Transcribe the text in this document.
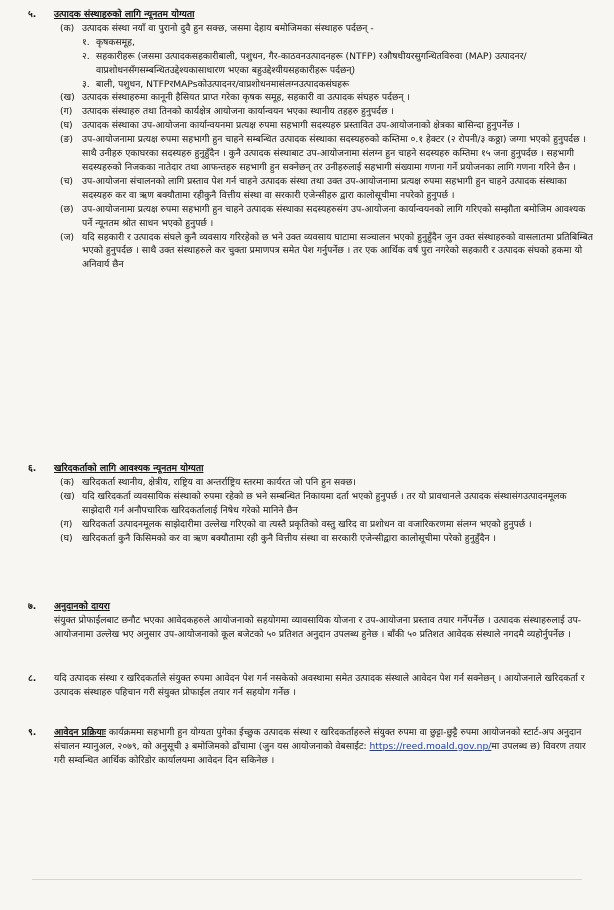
५.	उत्पादक संस्थाहरुको लागि न्यूनतम योग्यता
(क) उत्पादक संस्था नयाँ वा पुरानो दुवै हुन सक्छ, जसमा देहाय बमोजिमका संस्थाहरु पर्दछन् -
१. कृषकसमूह,
२. सहकारीहरू (जसमा उत्पादकसहकारीबाली, पशुधन, गैर-काठवनउत्पादनहरू (NTFP) रऔषधीयरसुगन्धितविरुवा (MAP) उत्पादनर/वाप्रशोधनसँगसम्बन्धितउद्देश्यकासाधारण भएका बहुउद्देश्यीयसहकारीहरू पर्दछन्)
३. बाली, पशुधन, NTFPरMAPsकोउत्पादनर/वाप्रशोधनमासंलग्नउत्पादकसंघहरू
(ख) उत्पादक संस्थाहरुमा कानूनी हैसियत प्राप्त गरेका कृषक समूह, सहकारी वा उत्पादक संघहरु पर्दछन् ।
(ग)	उत्पादक संस्थाहरु तथा तिनको कार्यक्षेत्र आयोजना कार्यान्वयन भएका स्थानीय तहहरु हुनुपर्दछ ।
(घ)	उत्पादक संस्थाका उप-आयोजना कार्यान्वयनमा प्रत्यक्ष रुपमा सहभागी सदस्यहरु प्रस्तावित उप-आयोजनाको क्षेत्रका बासिन्दा हुनुपर्नेछ ।
(ङ) उप-आयोजनामा प्रत्यक्ष रुपमा सहभागी हुन चाहने सम्बन्धित उत्पादक संस्थाका सदस्यहरुको कम्तिमा ०.१ हेक्टर (२ रोपनी/३ कठ्ठा) जग्गा भएको हुनुपर्दछ । साथै उनीहरु एकाघरका सदस्यहरु हुनुहुँदैन । कुनै उत्पादक संस्थाबाट उप-आयोजनामा संलग्न हुन चाहने सदस्यहरु कम्तिमा १५ जना हुनुपर्दछ । सहभागी सदस्यहरुको निजकका नातेदार तथा आफन्तहरु सहभागी हुन सक्नेछन् तर उनीहरुलाई सहभागी संख्यामा गणना गर्ने प्रयोजनका लागि गणना गरिने छैन ।
(च) उप-आयोजना संचालनको लागि प्रस्ताव पेश गर्न चाहने उत्पादक संस्था तथा उक्त उप-आयोजनामा प्रत्यक्ष रुपमा सहभागी हुन चाहने उत्पादक संस्थाका सदस्यहरु कर वा ऋण बक्यौतामा रहीकुनै वित्तीय संस्था वा सरकारी एजेन्सीहरु द्वारा कालोसूचीमा नपरेको हुनुपर्छ ।
(छ) उप-आयोजनामा प्रत्यक्ष रुपमा सहभागी हुन चाहने उत्पादक संस्थाका सदस्यहरुसंग उप-आयोजना कार्यान्वयनको लागि गरिएको सम्झौता बमोजिम आवश्यक पर्ने न्यूनतम श्रोत साधन भएको हुनुपर्छ ।
(ज) यदि सहकारी र उत्पादक संघले कुनै व्यवसाय गरिरहेको छ भने उक्त व्यवसाय घाटामा सञ्चालन भएको हुनुहुँदैन जुन उक्त संस्थाहरुको वासलातमा प्रतिबिम्बित भएको हुनुपर्दछ । साथै उक्त संस्थाहरुले कर चुक्ता प्रमाणपत्र समेत पेश गर्नुपर्नेछ । तर एक आर्थिक वर्ष पुरा नगरेको सहकारी र उत्पादक संघको हकमा यो अनिवार्य छैन
६.	खरिदकर्ताको लागि आवश्यक न्यूनतम योग्यता
(क) खरिदकर्ता स्थानीय, क्षेत्रीय, राष्ट्रिय वा अन्तर्राष्ट्रिय स्तरमा कार्यरत जो पनि हुन सक्छ।
(ख) यदि खरिदकर्ता व्यवसायिक संस्थाको रुपमा रहेको छ भने सम्बन्धित निकायमा दर्ता भएको हुनुपर्छ । तर यो प्रावधानले उत्पादक संस्थासंगउत्पादनमूलक साझेदारी गर्न अनौपचारिक खरिदकर्तालाई निषेध गरेको मानिने छैन
(ग)	खरिदकर्ता उत्पादनमूलक साझेदारीमा उल्लेख गरिएको वा त्यस्तै प्रकृतिको वस्तु खरिद वा प्रशोधन वा वजारिकरणमा संलग्न भएको हुनुपर्छ ।
(घ)	खरिदकर्ता कुनै किसिमको कर वा ऋण बक्यौतामा रही कुनै वित्तीय संस्था वा सरकारी एजेन्सीद्वारा कालोसूचीमा परेको हुनुहुँदैन ।
७.	अनुदानको दायरा
संयुक्त प्रोफाईलबाट छनौट भएका आवेदकहरुले आयोजनाको सहयोगमा व्यावसायिक योजना र उप-आयोजना प्रस्ताव तयार गर्नेपर्नेछ । उत्पादक संस्थाहरुलाई उप-आयोजनामा उल्लेख भए अनुसार उप-आयोजनाको कूल बजेटको ५० प्रतिशत अनुदान उपलब्ध हुनेछ । बाँकी ५० प्रतिशत आवेदक संस्थाले नगदमै व्यहोर्नुपर्नेछ ।
८.	यदि उत्पादक संस्था र खरिदकर्ताले संयुक्त रुपमा आवेदन पेश गर्न नसकेको अवस्थामा समेत उत्पादक संस्थाले आवेदन पेश गर्न सक्नेछन् । आयोजनाले खरिदकर्ता र उत्पादक संस्थाहरु पहिचान गरी संयुक्त प्रोफाईल तयार गर्न सहयोग गर्नेछ ।
९.	आवेदन प्रक्रियाः कार्यक्रममा सहभागी हुन योग्यता पुगेका ईच्छुक उत्पादक संस्था र खरिदकर्ताहरुले संयुक्त रुपमा वा छुट्टा-छुट्टै रुपमा आयोजनको स्टार्ट-अप अनुदान संचालन म्यानुअल, २०७९, को अनुसूची ३ बमोजिमको ढाँचामा (जुन यस आयोजनाको वेबसाईट: https://reed.moald.gov.np/मा उपलब्ध छ) विवरण तयार गरी सम्वन्धित आर्थिक कोरिडोर कार्यालयमा आवेदन दिन सकिनेछ ।
